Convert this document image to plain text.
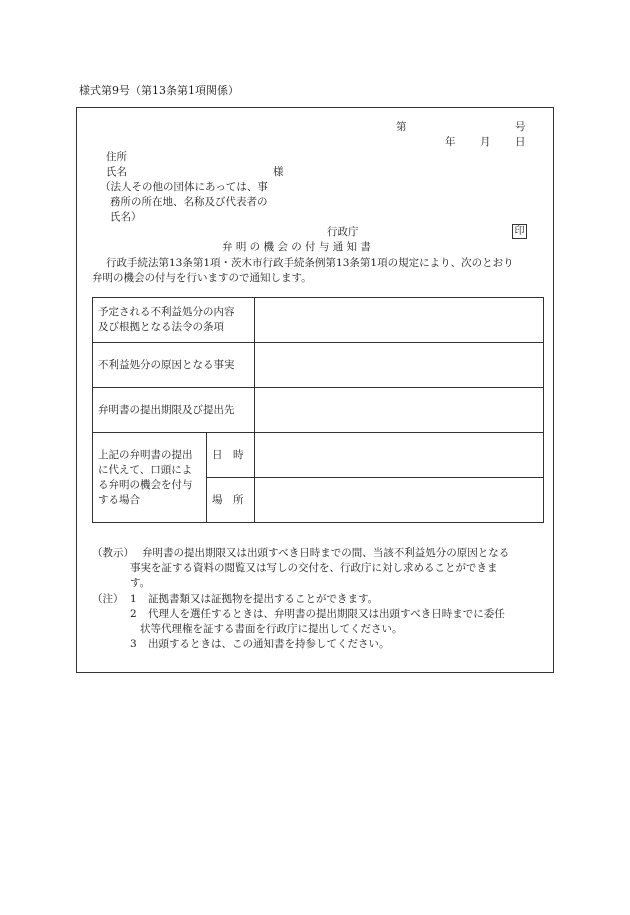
様式第9号（第13条第1項関係）
第	号
年 月 日
住所
氏名	様
（法人その他の団体にあっては、事
務所の所在地、名称及び代表者の
氏名）
行政庁	印
弁 明 の 機 会 の 付 与 通 知 書
行政手続法第13条第1項・茨木市行政手続条例第13条第1項の規定により、次のとおり
弁明の機会の付与を行いますので通知します。
予定される不利益処分の内容
及び根拠となる法令の条項		

不利益処分の原因となる事実		
弁明書の提出期限及び提出先		

上記の弁明書の提出
に代えて、口頭によ
る弁明の機会を付与
する場合	日　時	
	場　所	
（教示） 弁明書の提出期限又は出頭すべき日時までの間、当該不利益処分の原因となる
事実を証する資料の閲覧又は写しの交付を、行政庁に対し求めることができま
す。
（注） 1 証拠書類又は証拠物を提出することができます。
2 代理人を選任するときは、弁明書の提出期限又は出頭すべき日時までに委任
状等代理権を証する書面を行政庁に提出してください。
3 出頭するときは、この通知書を持参してください。
